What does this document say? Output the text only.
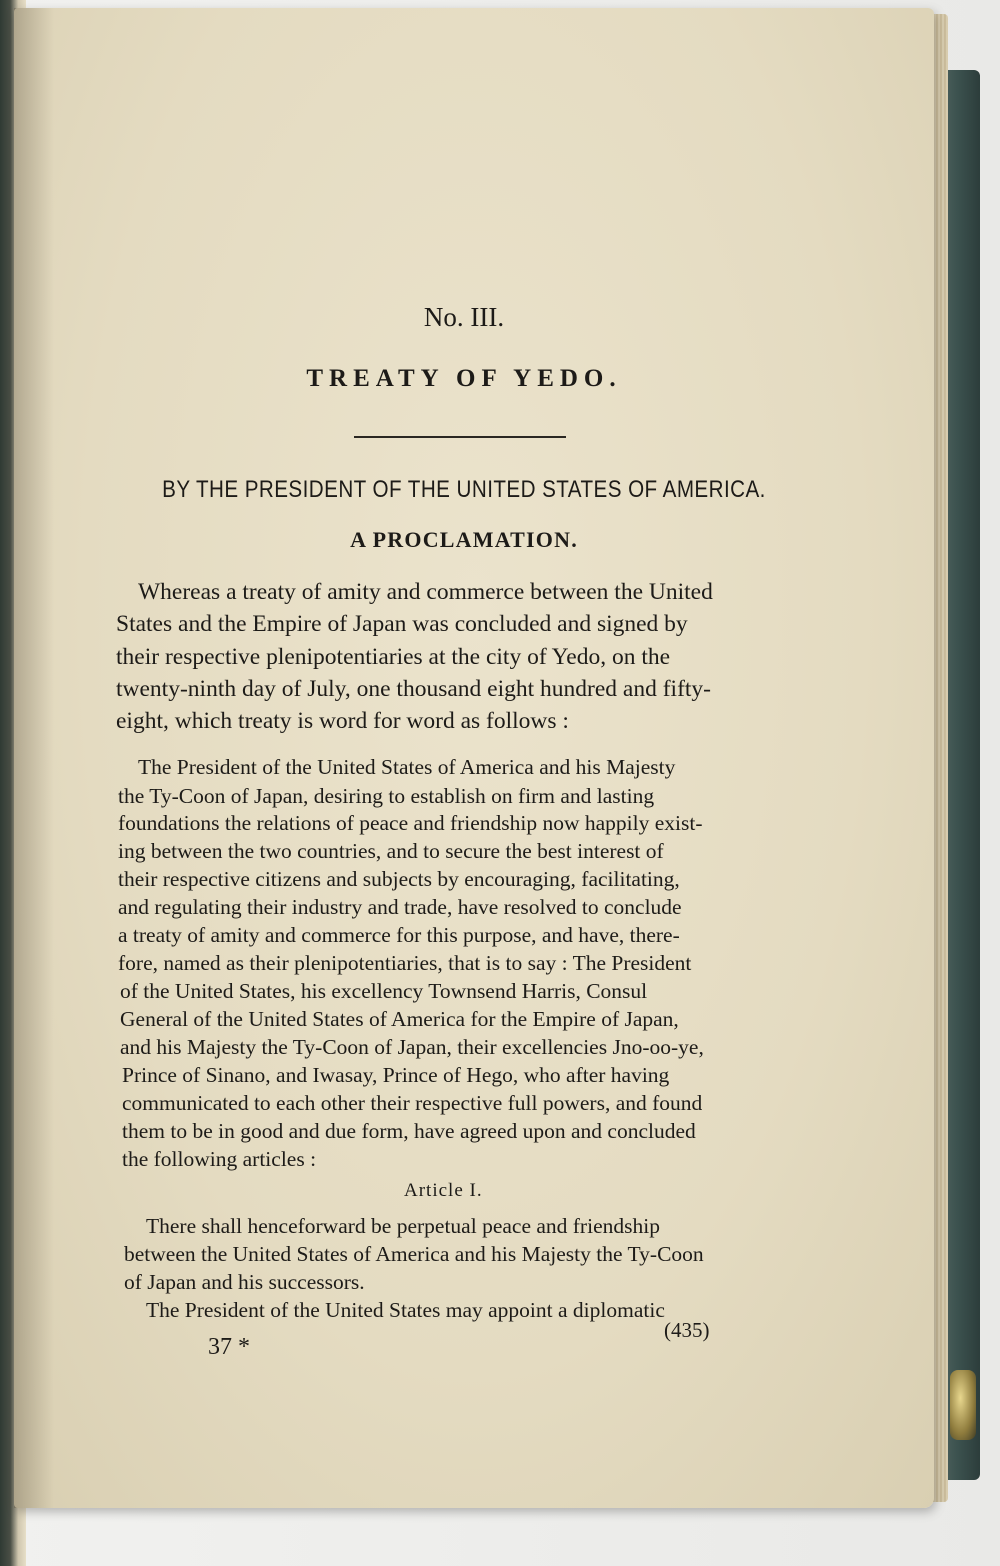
No. III.
TREATY OF YEDO.
BY THE PRESIDENT OF THE UNITED STATES OF AMERICA.
A PROCLAMATION.
Whereas a treaty of amity and commerce between the United
States and the Empire of Japan was concluded and signed by
their respective plenipotentiaries at the city of Yedo, on the
twenty-ninth day of July, one thousand eight hundred and fifty-
eight, which treaty is word for word as follows :
The President of the United States of America and his Majesty
the Ty-Coon of Japan, desiring to establish on firm and lasting
foundations the relations of peace and friendship now happily exist-
ing between the two countries, and to secure the best interest of
their respective citizens and subjects by encouraging, facilitating,
and regulating their industry and trade, have resolved to conclude
a treaty of amity and commerce for this purpose, and have, there-
fore, named as their plenipotentiaries, that is to say : The President
of the United States, his excellency Townsend Harris, Consul
General of the United States of America for the Empire of Japan,
and his Majesty the Ty-Coon of Japan, their excellencies Jno-oo-ye,
Prince of Sinano, and Iwasay, Prince of Hego, who after having
communicated to each other their respective full powers, and found
them to be in good and due form, have agreed upon and concluded
the following articles :
Article I.
There shall henceforward be perpetual peace and friendship
between the United States of America and his Majesty the Ty-Coon
of Japan and his successors.
The President of the United States may appoint a diplomatic
(435)
37 *
